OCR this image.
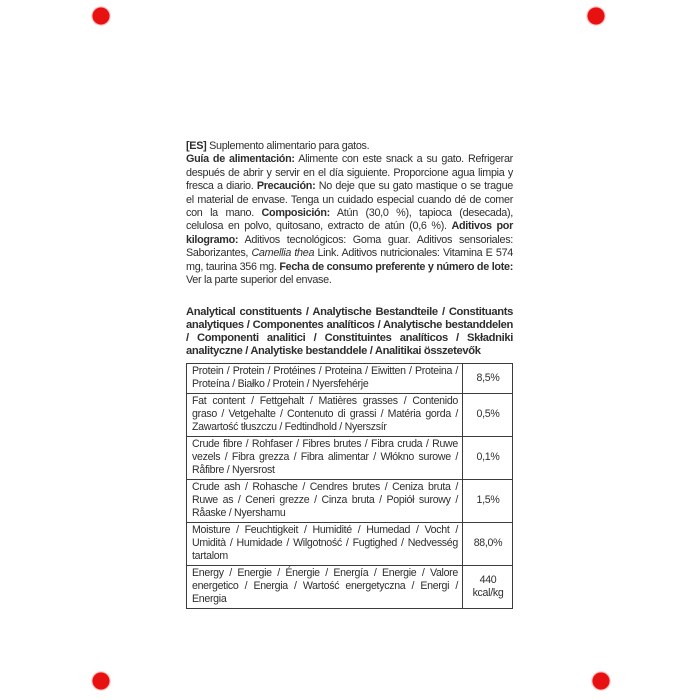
[ES] Suplemento alimentario para gatos.
Guía de alimentación: Alimente con este snack a su gato. Refrigerar después de abrir y servir en el día siguiente. Proporcione agua limpia y fresca a diario. Precaución: No deje que su gato mastique o se trague el material de envase. Tenga un cuidado especial cuando dé de comer con la mano. Composición: Atún (30,0 %), tapioca (desecada), celulosa en polvo, quitosano, extracto de atún (0,6 %). Aditivos por kilogramo: Aditivos tecnológicos: Goma guar. Aditivos sensoriales: Saborizantes, Camellia thea Link. Aditivos nutricionales: Vitamina E 574 mg, taurina 356 mg. Fecha de consumo preferente y número de lote: Ver la parte superior del envase.

Analytical constituents / Analytische Bestandteile / Constituants analytiques / Componentes analíticos / Analytische bestanddelen / Componenti analitici / Constituintes analíticos / Składniki analityczne / Analytiske bestanddele / Analitikai összetevők

Protein / Protein / Protéines / Proteina / Eiwitten / Proteina / Proteína / Białko / Protein / Nyersfehérje	8,5%
Fat content / Fettgehalt / Matières grasses / Contenido graso / Vetgehalte / Contenuto di grassi / Matéria gorda / Zawartość tłuszczu / Fedtindhold / Nyerszsír	0,5%
Crude fibre / Rohfaser / Fibres brutes / Fibra cruda / Ruwe vezels / Fibra grezza / Fibra alimentar / Włókno surowe / Råfibre / Nyersrost	0,1%
Crude ash / Rohasche / Cendres brutes / Ceniza bruta / Ruwe as / Ceneri grezze / Cinza bruta / Popiół surowy / Råaske / Nyershamu	1,5%
Moisture / Feuchtigkeit / Humidité / Humedad / Vocht / Umidità / Humidade / Wilgotność / Fugtighed / Nedvesség tartalom	88,0%
Energy / Energie / Énergie / Energía / Energie / Valore energetico / Energia / Wartość energetyczna / Energi / Energia	440 kcal/kg
